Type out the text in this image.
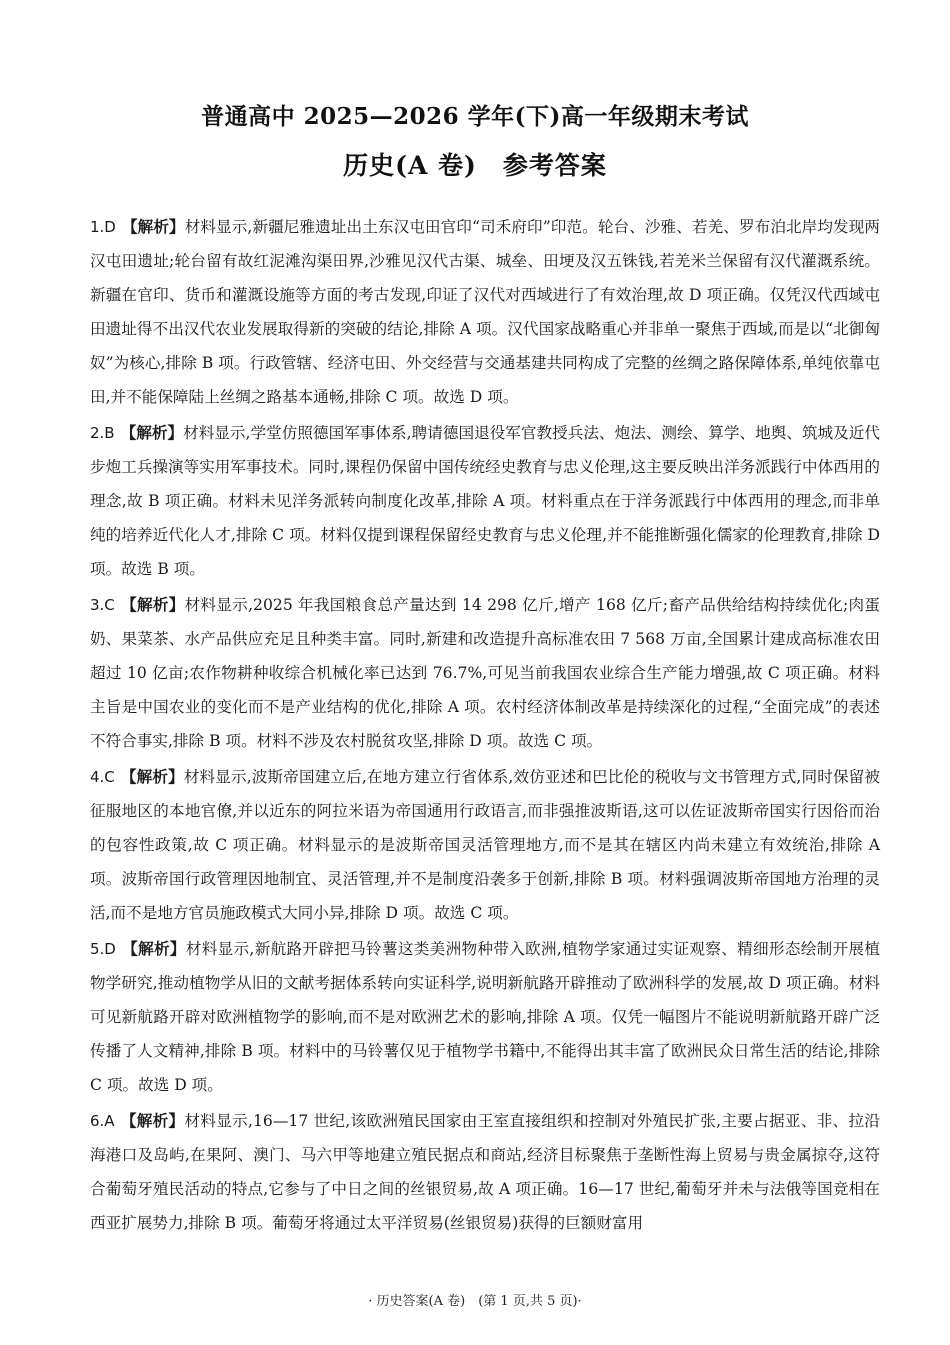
普通高中 2025—2026 学年(下)高一年级期末考试
历史(A 卷)　参考答案

1.D 【解析】材料显示,新疆尼雅遗址出土东汉屯田官印“司禾府印”印范。轮台、沙雅、若羌、罗布泊北岸均发现两汉屯田遗址;轮台留有故红泥滩沟渠田界,沙雅见汉代古渠、城垒、田埂及汉五铢钱,若羌米兰保留有汉代灌溉系统。新疆在官印、货币和灌溉设施等方面的考古发现,印证了汉代对西域进行了有效治理,故 D 项正确。仅凭汉代西域屯田遗址得不出汉代农业发展取得新的突破的结论,排除 A 项。汉代国家战略重心并非单一聚焦于西域,而是以“北御匈奴”为核心,排除 B 项。行政管辖、经济屯田、外交经营与交通基建共同构成了完整的丝绸之路保障体系,单纯依靠屯田,并不能保障陆上丝绸之路基本通畅,排除 C 项。故选 D 项。

2.B 【解析】材料显示,学堂仿照德国军事体系,聘请德国退役军官教授兵法、炮法、测绘、算学、地舆、筑城及近代步炮工兵操演等实用军事技术。同时,课程仍保留中国传统经史教育与忠义伦理,这主要反映出洋务派践行中体西用的理念,故 B 项正确。材料未见洋务派转向制度化改革,排除 A 项。材料重点在于洋务派践行中体西用的理念,而非单纯的培养近代化人才,排除 C 项。材料仅提到课程保留经史教育与忠义伦理,并不能推断强化儒家的伦理教育,排除 D 项。故选 B 项。

3.C 【解析】材料显示,2025 年我国粮食总产量达到 14 298 亿斤,增产 168 亿斤;畜产品供给结构持续优化;肉蛋奶、果菜茶、水产品供应充足且种类丰富。同时,新建和改造提升高标准农田 7 568 万亩,全国累计建成高标准农田超过 10 亿亩;农作物耕种收综合机械化率已达到 76.7%,可见当前我国农业综合生产能力增强,故 C 项正确。材料主旨是中国农业的变化而不是产业结构的优化,排除 A 项。农村经济体制改革是持续深化的过程,“全面完成”的表述不符合事实,排除 B 项。材料不涉及农村脱贫攻坚,排除 D 项。故选 C 项。

4.C 【解析】材料显示,波斯帝国建立后,在地方建立行省体系,效仿亚述和巴比伦的税收与文书管理方式,同时保留被征服地区的本地官僚,并以近东的阿拉米语为帝国通用行政语言,而非强推波斯语,这可以佐证波斯帝国实行因俗而治的包容性政策,故 C 项正确。材料显示的是波斯帝国灵活管理地方,而不是其在辖区内尚未建立有效统治,排除 A 项。波斯帝国行政管理因地制宜、灵活管理,并不是制度沿袭多于创新,排除 B 项。材料强调波斯帝国地方治理的灵活,而不是地方官员施政模式大同小异,排除 D 项。故选 C 项。

5.D 【解析】材料显示,新航路开辟把马铃薯这类美洲物种带入欧洲,植物学家通过实证观察、精细形态绘制开展植物学研究,推动植物学从旧的文献考据体系转向实证科学,说明新航路开辟推动了欧洲科学的发展,故 D 项正确。材料可见新航路开辟对欧洲植物学的影响,而不是对欧洲艺术的影响,排除 A 项。仅凭一幅图片不能说明新航路开辟广泛传播了人文精神,排除 B 项。材料中的马铃薯仅见于植物学书籍中,不能得出其丰富了欧洲民众日常生活的结论,排除 C 项。故选 D 项。

6.A 【解析】材料显示,16—17 世纪,该欧洲殖民国家由王室直接组织和控制对外殖民扩张,主要占据亚、非、拉沿海港口及岛屿,在果阿、澳门、马六甲等地建立殖民据点和商站,经济目标聚焦于垄断性海上贸易与贵金属掠夺,这符合葡萄牙殖民活动的特点,它参与了中日之间的丝银贸易,故 A 项正确。16—17 世纪,葡萄牙并未与法俄等国竞相在西亚扩展势力,排除 B 项。葡萄牙将通过太平洋贸易(丝银贸易)获得的巨额财富用

· 历史答案(A 卷)　(第 1 页,共 5 页)·
